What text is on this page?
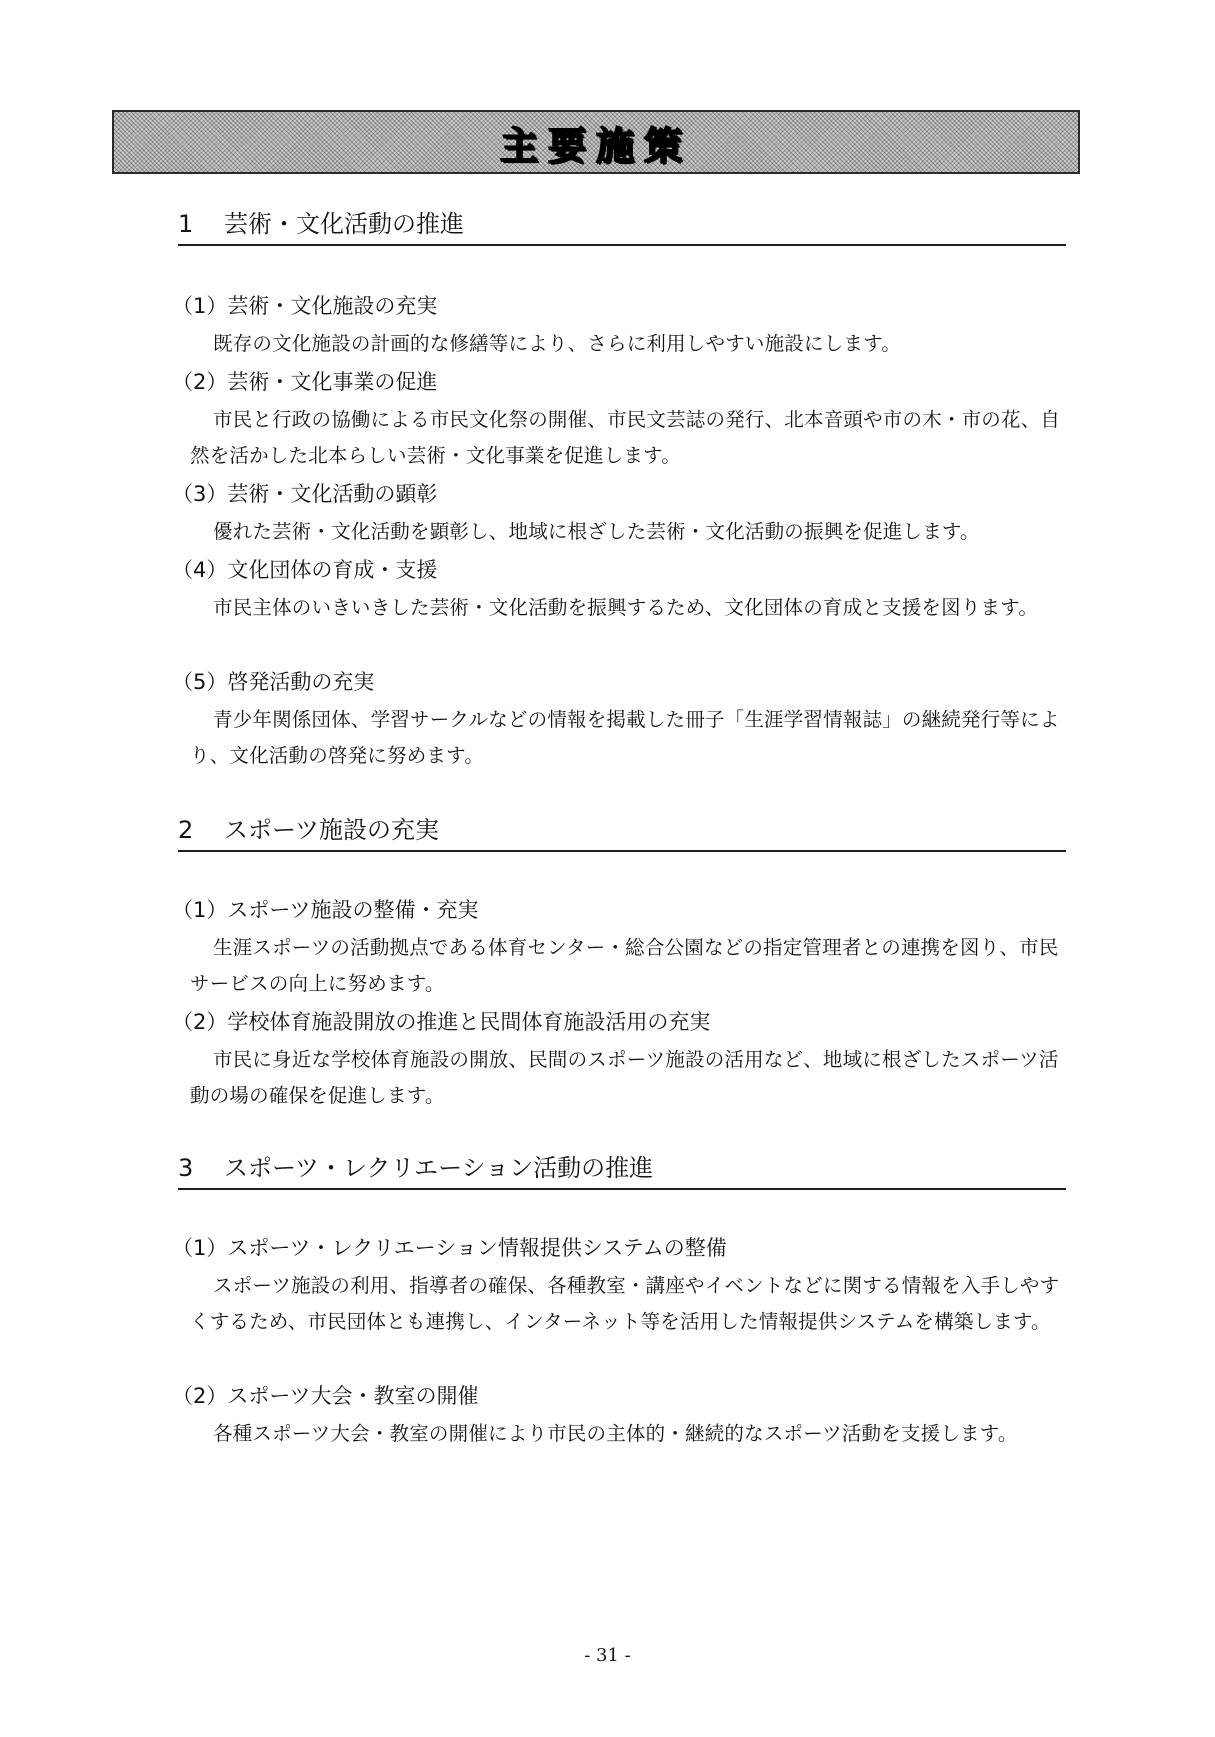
主要施策
1 芸術・文化活動の推進
（1）芸術・文化施設の充実
既存の文化施設の計画的な修繕等により、さらに利用しやすい施設にします。
（2）芸術・文化事業の促進
市民と行政の協働による市民文化祭の開催、市民文芸誌の発行、北本音頭や市の木・市の花、自然を活かした北本らしい芸術・文化事業を促進します。
（3）芸術・文化活動の顕彰
優れた芸術・文化活動を顕彰し、地域に根ざした芸術・文化活動の振興を促進します。
（4）文化団体の育成・支援
市民主体のいきいきした芸術・文化活動を振興するため、文化団体の育成と支援を図ります。
（5）啓発活動の充実
青少年関係団体、学習サークルなどの情報を掲載した冊子「生涯学習情報誌」の継続発行等により、文化活動の啓発に努めます。
2 スポーツ施設の充実
（1）スポーツ施設の整備・充実
生涯スポーツの活動拠点である体育センター・総合公園などの指定管理者との連携を図り、市民サービスの向上に努めます。
（2）学校体育施設開放の推進と民間体育施設活用の充実
市民に身近な学校体育施設の開放、民間のスポーツ施設の活用など、地域に根ざしたスポーツ活動の場の確保を促進します。
3 スポーツ・レクリエーション活動の推進
（1）スポーツ・レクリエーション情報提供システムの整備
スポーツ施設の利用、指導者の確保、各種教室・講座やイベントなどに関する情報を入手しやすくするため、市民団体とも連携し、インターネット等を活用した情報提供システムを構築します。
（2）スポーツ大会・教室の開催
各種スポーツ大会・教室の開催により市民の主体的・継続的なスポーツ活動を支援します。
- 31 -
